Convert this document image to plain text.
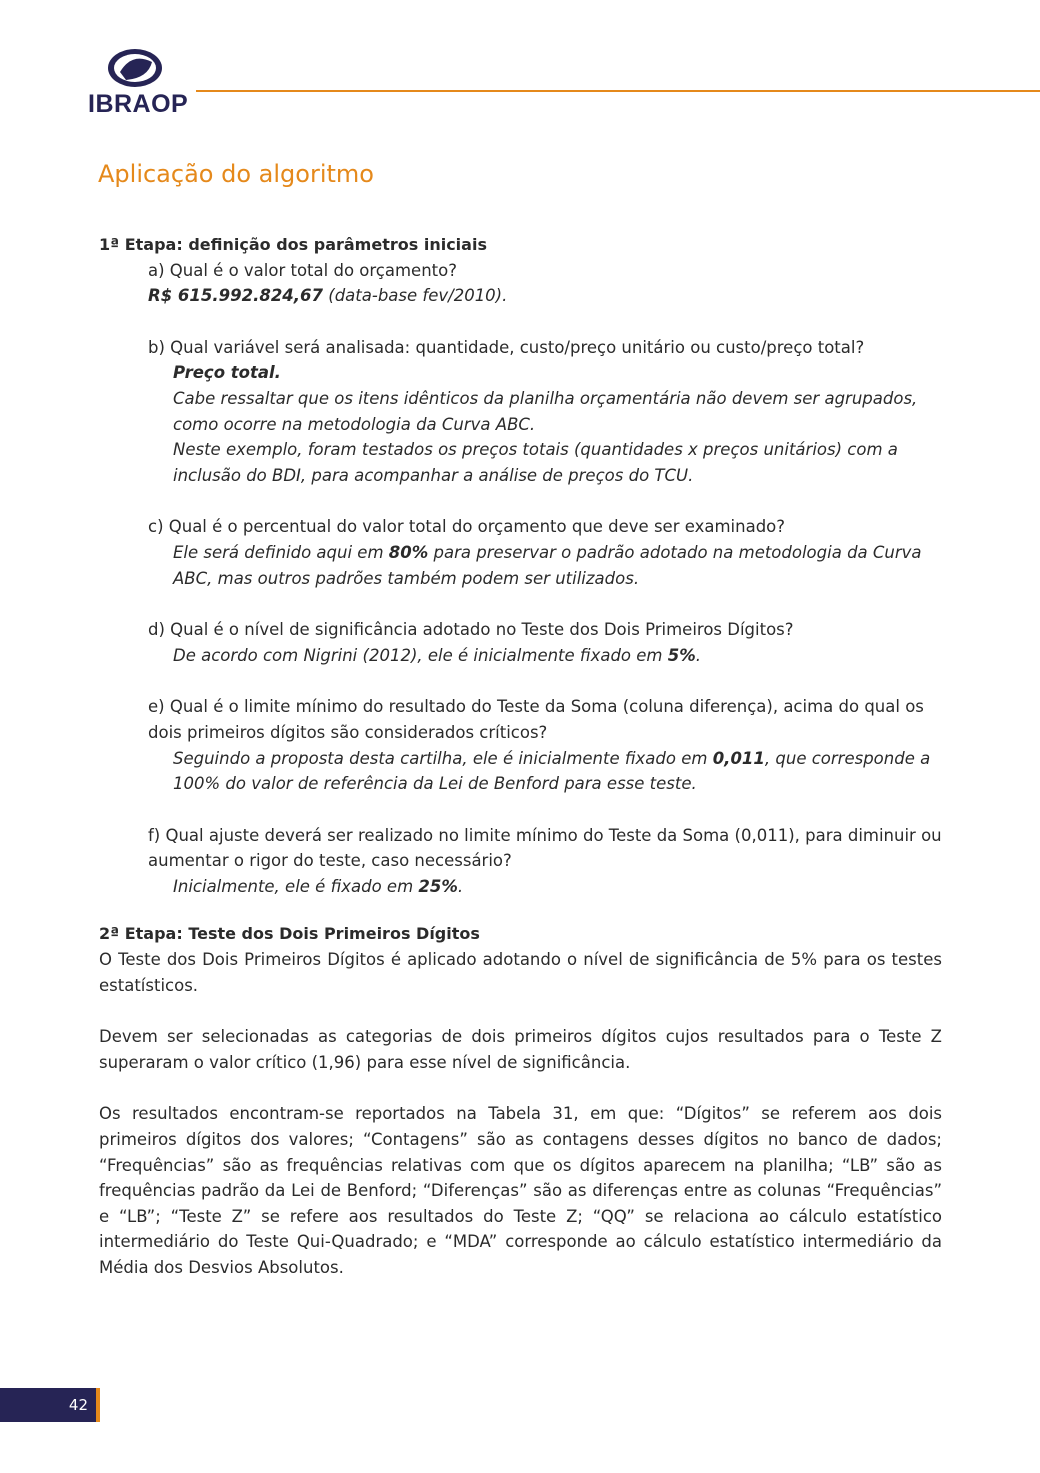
IBRAOP
Aplicação do algoritmo

1ª Etapa: definição dos parâmetros iniciais

a) Qual é o valor total do orçamento?
R$ 615.992.824,67 (data-base fev/2010).
b) Qual variável será analisada: quantidade, custo/preço unitário ou custo/preço total?
Preço total.
Cabe ressaltar que os itens idênticos da planilha orçamentária não devem ser agrupados, como ocorre na metodologia da Curva ABC.
Neste exemplo, foram testados os preços totais (quantidades x preços unitários) com a inclusão do BDI, para acompanhar a análise de preços do TCU.
c) Qual é o percentual do valor total do orçamento que deve ser examinado?
Ele será definido aqui em 80% para preservar o padrão adotado na metodologia da Curva ABC, mas outros padrões também podem ser utilizados.
d) Qual é o nível de significância adotado no Teste dos Dois Primeiros Dígitos?
De acordo com Nigrini (2012), ele é inicialmente fixado em 5%.
e) Qual é o limite mínimo do resultado do Teste da Soma (coluna diferença), acima do qual os dois primeiros dígitos são considerados críticos?
Seguindo a proposta desta cartilha, ele é inicialmente fixado em 0,011, que corresponde a 100% do valor de referência da Lei de Benford para esse teste.
f) Qual ajuste deverá ser realizado no limite mínimo do Teste da Soma (0,011), para diminuir ou aumentar o rigor do teste, caso necessário?
Inicialmente, ele é fixado em 25%.

2ª Etapa: Teste dos Dois Primeiros Dígitos

O Teste dos Dois Primeiros Dígitos é aplicado adotando o nível de significância de 5% para os testes estatísticos.

Devem ser selecionadas as categorias de dois primeiros dígitos cujos resultados para o Teste Z superaram o valor crítico (1,96) para esse nível de significância.

Os resultados encontram-se reportados na Tabela 31, em que: “Dígitos” se referem aos dois primeiros dígitos dos valores; “Contagens” são as contagens desses dígitos no banco de dados; “Frequências” são as frequências relativas com que os dígitos aparecem na planilha; “LB” são as frequências padrão da Lei de Benford; “Diferenças” são as diferenças entre as colunas “Frequências” e “LB”; “Teste Z” se refere aos resultados do Teste Z; “QQ” se relaciona ao cálculo estatístico intermediário do Teste Qui-Quadrado; e “MDA” corresponde ao cálculo estatístico intermediário da Média dos Desvios Absolutos.

42
